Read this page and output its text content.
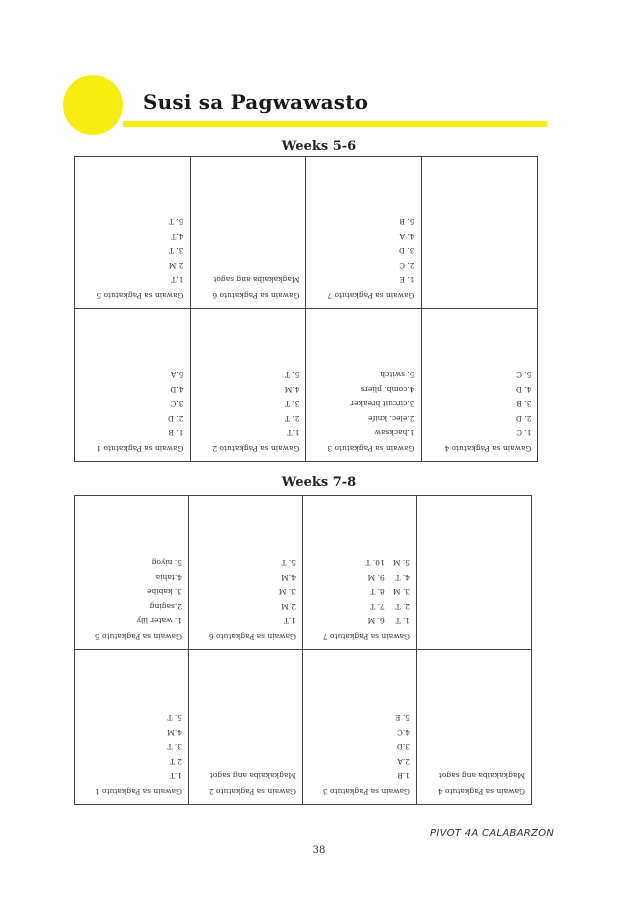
Susi sa Pagwawasto
Weeks 5-6
Gawain sa Pagkatuto 5
1.T
2 M
3. T
4.T
5. T
Gawain sa Pagkatuto 6
Magkakaiba ang sagot
Gawain sa Pagkatuto 7
1. E
2. C
3. D
4. A
5. B
Gawain sa Pagkatuto 1
1. B
2. D
3.C
4.D
5.A
Gawain sa Pagkatuto 2
1.T
2. T
3. T
4.M
5. T
Gawain sa Pagkatuto 3
1.hacksaw
2.elec. knife
3.circuit breaker
4.comb. pliers
5. switch
Gawain sa Pagkatuto 4
1. C
2. D
3. B
4. D
5. C
Weeks 7-8
Gawain sa Pagkatuto 5
1. water lily
2.saging
3. kabibe
4.tahia
5. niyog
Gawain sa Pagkatuto 6
1.T
2 M
3. M
4.M
5. T
Gawain sa Pagkatuto 7
1. T
2. T
3. M
4. T
5. M
6. M
7. T
8. T
9. M
10. T
Gawain sa Pagkatuto 1
1.T
2 T
3. T
4.M
5. T
Gawain sa Pagkatuto 2
Magkakaiba ang sagot
Gawain sa Pagkatuto 3
1.B
2.A
3.D
4.C
5. E
Gawain sa Pagkatuto 4
Magkakaiba ang sagot
PIVOT 4A CALABARZON
38
